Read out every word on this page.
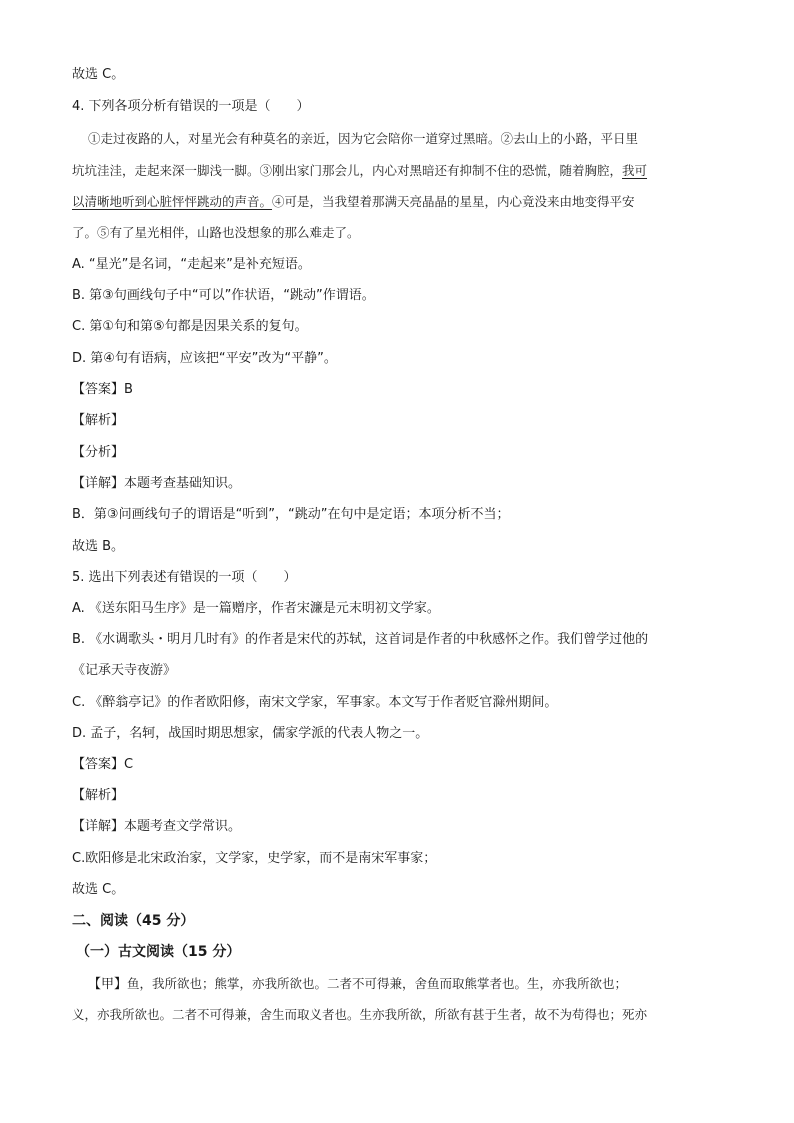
故选 C。
4. 下列各项分析有错误的一项是（　　）
①走过夜路的人，对星光会有种莫名的亲近，因为它会陪你一道穿过黑暗。②去山上的小路，平日里
坑坑洼洼，走起来深一脚浅一脚。③刚出家门那会儿，内心对黑暗还有抑制不住的恐慌，随着胸腔，我可
以清晰地听到心脏怦怦跳动的声音。④可是，当我望着那满天亮晶晶的星星，内心竟没来由地变得平安
了。⑤有了星光相伴，山路也没想象的那么难走了。
A. “星光”是名词，“走起来”是补充短语。
B. 第③句画线句子中“可以”作状语，“跳动”作谓语。
C. 第①句和第⑤句都是因果关系的复句。
D. 第④句有语病，应该把“平安”改为“平静”。
【答案】B
【解析】
【分析】
【详解】本题考查基础知识。
B．第③问画线句子的谓语是“听到”，“跳动”在句中是定语；本项分析不当；
故选 B。
5. 选出下列表述有错误的一项（　　）
A. 《送东阳马生序》是一篇赠序，作者宋濂是元末明初文学家。
B. 《水调歌头・明月几时有》的作者是宋代的苏轼，这首词是作者的中秋感怀之作。我们曾学过他的
《记承天寺夜游》
C. 《醉翁亭记》的作者欧阳修，南宋文学家，军事家。本文写于作者贬官滁州期间。
D. 孟子，名轲，战国时期思想家，儒家学派的代表人物之一。
【答案】C
【解析】
【详解】本题考查文学常识。
C.欧阳修是北宋政治家，文学家，史学家，而不是南宋军事家；
故选 C。
二、阅读（45 分）
（一）古文阅读（15 分）
【甲】鱼，我所欲也；熊掌，亦我所欲也。二者不可得兼，舍鱼而取熊掌者也。生，亦我所欲也；
义，亦我所欲也。二者不可得兼，舍生而取义者也。生亦我所欲，所欲有甚于生者，故不为苟得也；死亦
